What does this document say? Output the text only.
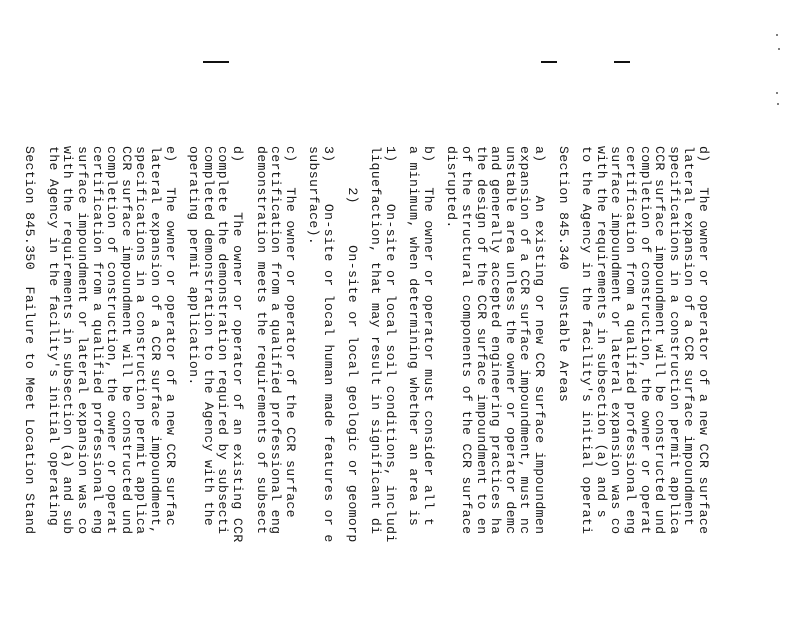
d)   The owner or operator of a new CCR surface
lateral expansion of a CCR surface impoundment
specifications in a construction permit applica
CCR surface impoundment will be constructed und
completion of construction, the owner or operat
certification from a qualified professional eng
surface impoundment or lateral expansion was co
with the requirements in subsection (a) and s
to the Agency in the facility's initial operati
Section 845.340  Unstable Areas
a)    An existing or new CCR surface impoundmen
expansion of a CCR surface impoundment, must nc
unstable area unless the owner or operator demc
and generally accepted engineering practices ha
the design of the CCR surface impoundment to en
of the structural components of the CCR surface
disrupted.
b)   The owner or operator must consider all t
a minimum, when determining whether an area is
1)     On-site or local soil conditions, includi
liquefaction, that may result in significant di
2)     On-site or local geologic or geomorp
3)     On-site or local human made features or e
subsurface).
c)   The owner or operator of the CCR surface
certification from a qualified professional eng
demonstration meets the requirements of subsect
d)      The owner or operator of an existing CCR
complete the demonstration required by subsecti
completed demonstration to the Agency with the
operating permit application.
e)   The owner or operator of a new CCR surfac
lateral expansion of a CCR surface impoundment,
specifications in a construction permit applica
CCR surface impoundment will be constructed und
completion of construction, the owner or operat
certification from a qualified professional eng
surface impoundment or lateral expansion was co
with the requirements in subsection (a) and sub
the Agency in the facility's initial operating
Section 845.350  Failure to Meet Location Stand
